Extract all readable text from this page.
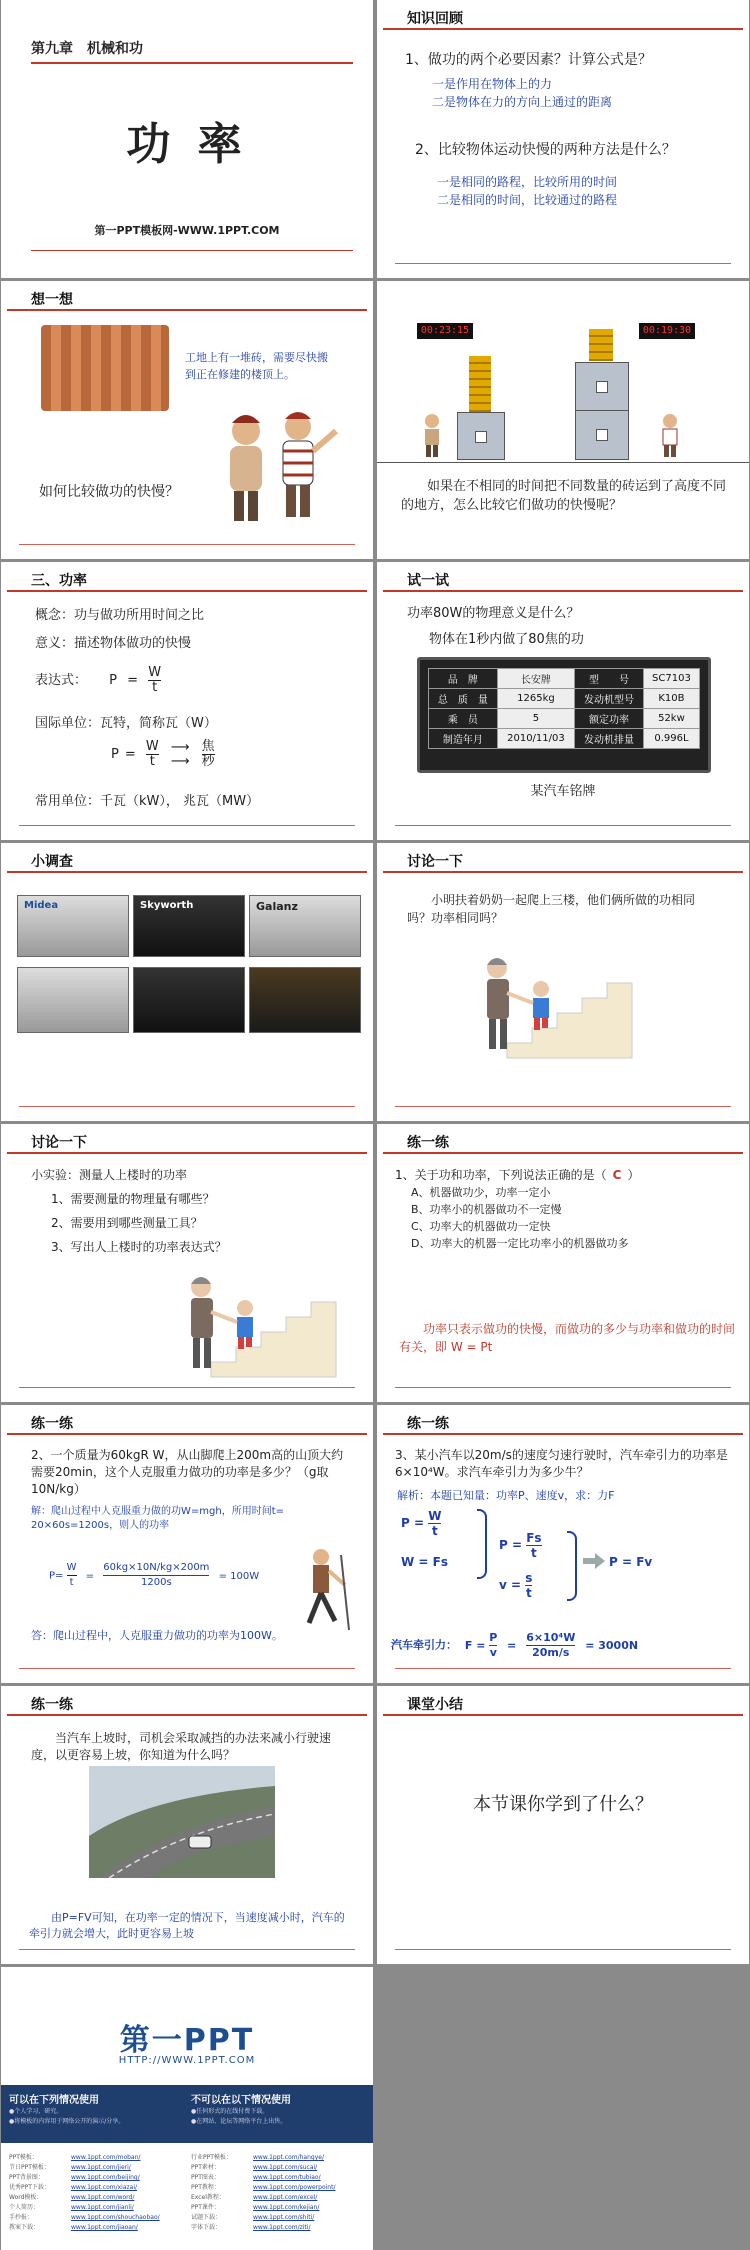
第九章　机械和功
功 率
第一PPT模板网-WWW.1PPT.COM
知识回顾
1、做功的两个必要因素？计算公式是？
一是作用在物体上的力
二是物体在力的方向上通过的距离
2、比较物体运动快慢的两种方法是什么？
一是相同的路程，比较所用的时间
二是相同的时间，比较通过的路程
想一想
工地上有一堆砖，需要尽快搬到正在修建的楼顶上。
如何比较做功的快慢？
00:23:15	00:19:30
如果在不相同的时间把不同数量的砖运到了高度不同的地方，怎么比较它们做功的快慢呢？
三、功率
概念：功与做功所用时间之比
意义：描述物体做功的快慢
表达式： $P = \frac{W}{t}$
国际单位：瓦特，简称瓦（W）
$P = \frac{W}{t}$
⟶
⟶
$\frac{\text{焦}}{\text{秒}}$
常用单位：千瓦（kW）， 兆瓦（MW）
试一试
功率80W的物理意义是什么？
物体在1秒内做了80焦的功
品　牌	长安牌	型　　号	SC7103
总　质　量	1265kg	发动机型号	K10B
乘　员	5	额定功率	52kw
制造年月	2010/11/03	发动机排量	0.996L
某汽车铭牌
小调查
Midea	Skyworth	Galanz
讨论一下
小明扶着奶奶一起爬上三楼，他们俩所做的功相同吗？功率相同吗？
讨论一下
小实验：测量人上楼时的功率
1、需要测量的物理量有哪些？
2、需要用到哪些测量工具？
3、写出人上楼时的功率表达式？
练一练
1、关于功和功率，下列说法正确的是（ C ）
A、机器做功少，功率一定小
B、功率小的机器做功不一定慢
C、功率大的机器做功一定快
D、功率大的机器一定比功率小的机器做功多
功率只表示做功的快慢，而做功的多少与功率和做功的时间有关，即 W = Pt
练一练
2、一个质量为60kgR W，从山脚爬上200m高的山顶大约需要20min，这个人克服重力做功的功率是多少？（g取10N/kg）
解：爬山过程中人克服重力做的功W=mgh，所用时间t= 20×60s=1200s，则人的功率
$P= \frac{W}{t} = \frac{60kg\times 10N/kg\times 200m}{1200s} = 100W$
答：爬山过程中，人克服重力做功的功率为100W。
练一练
3、某小汽车以20m/s的速度匀速行驶时，汽车牵引力的功率是6×10⁴W。求汽车牵引力为多少牛？
解析：本题已知量：功率P、速度v，求：力F
$P = \frac{W}{t}$
W = Fs
$P = \frac{Fs}{t}$
$v = \frac{s}{t}$
P = Fv
汽车牵引力： $F = \frac{P}{v} = \frac{\text{6×10⁴W}}{20m/s} = 3000N$
练一练
当汽车上坡时，司机会采取减挡的办法来减小行驶速度，以更容易上坡，你知道为什么吗？
由P=FV可知，在功率一定的情况下，当速度减小时，汽车的牵引力就会增大，此时更容易上坡
课堂小结
本节课你学到了什么？
第一PPT
HTTP://WWW.1PPT.COM
可以在下列情况使用
●个人学习、研究。
●将模板的内容用于网络公开的演示/分享。
不可以在以下情况使用
●任何形式的在线付费下载。
●在网站、论坛等网络平台上出售。
PPT模板：	www.1ppt.com/moban/
节日PPT模板：	www.1ppt.com/jieri/
PPT背景图：	www.1ppt.com/beijing/
优秀PPT下载：	www.1ppt.com/xiazai/
Word模板：	www.1ppt.com/word/
个人简历：	www.1ppt.com/jianli/
手抄报：	www.1ppt.com/shouchaobao/
教案下载：	www.1ppt.com/jiaoan/
行业PPT模板：	www.1ppt.com/hangye/
PPT素材：	www.1ppt.com/sucai/
PPT图表：	www.1ppt.com/tubiao/
PPT教程：	www.1ppt.com/powerpoint/
Excel教程：	www.1ppt.com/excel/
PPT课件：	www.1ppt.com/kejian/
试题下载：	www.1ppt.com/shiti/
字体下载：	www.1ppt.com/ziti/
